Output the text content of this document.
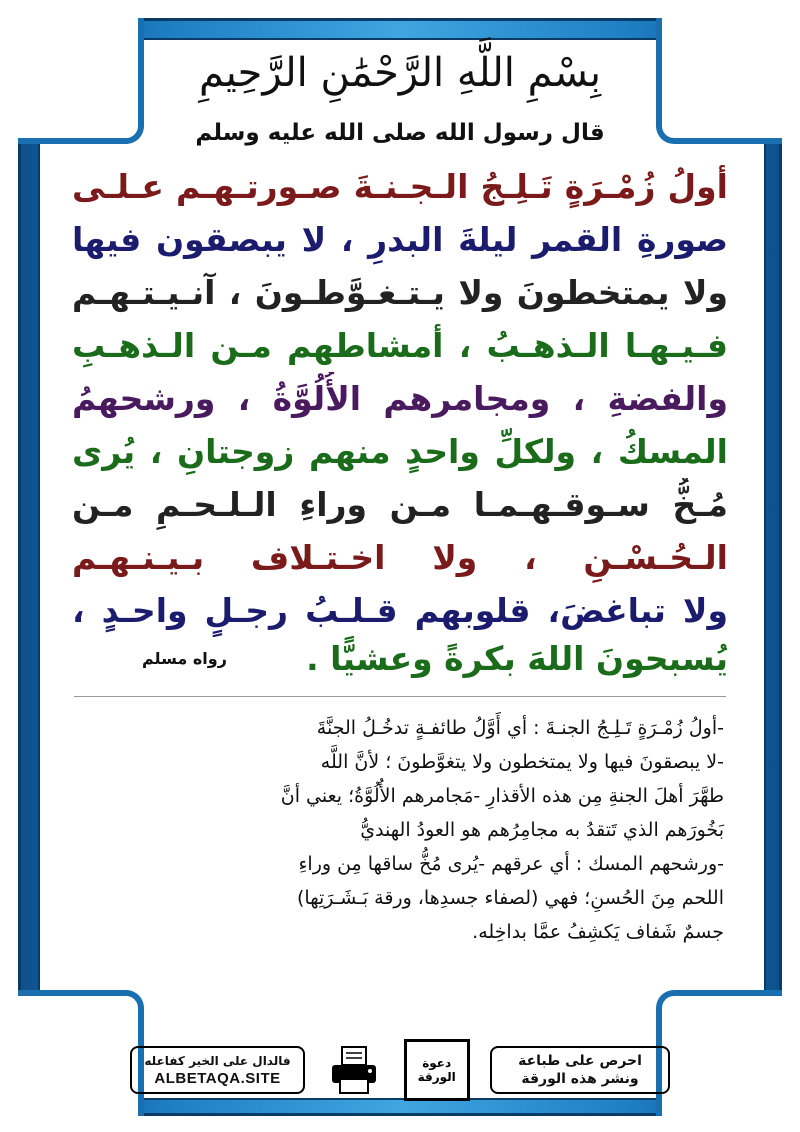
بِسْمِ اللَّهِ الرَّحْمَٰنِ الرَّحِيمِ
قال رسول الله صلى الله عليه وسلم
أولُ زُمْـرَةٍ تَـلِـجُ الـجـنـةَ صـورتـهـم عـلـى
صورةِ القمر ليلةَ البدرِ ، لا يبصقون فيها
ولا يمتخطونَ ولا يـتـغـوَّطـونَ ، آنـيـتـهـم
فـيـهـا الـذهـبُ ، أمشاطهم مـن الـذهـبِ
والفضةِ ، ومجامرهم الأُلُوَّةُ ، ورشحهمُ
المسكُ ، ولكلِّ واحدٍ منهم زوجتانِ ، يُرى
مُـخُّ سـوقـهـمـا مـن وراءِ الـلـحـمِ مـن
الـحُـسْـنِ ، ولا اخـتـلاف بـيـنـهـم
ولا تباغضَ، قلوبهم قـلـبُ رجـلٍ واحـدٍ ،
يُسبحونَ اللهَ بكرةً وعشيًّا .
رواه مسلم
-أولُ زُمْـرَةٍ تَـلِـجُ الجنـةَ : أي أَوَّلُ طائفـةٍ تدخُـلُ الجنَّةَ
-لا يبصقونَ فيها ولا يمتخطون ولا يتغوَّطونَ ؛ لأنَّ اللَّه
طهَّرَ أهلَ الجنةِ مِن هذه الأقذارِ -مَجامرهم الأُلُوَّةُ؛ يعني أنَّ
بَخُورَهم الذي تَتقدُ به مجامِرُهم هو العودُ الهنديُّ
-ورشحهم المسك : أي عرقهم -يُرى مُخُّ ساقها مِن وراءِ
اللحم مِنَ الحُسنِ؛ فهي (لصفاء جسدِها، ورقة بَـشَـرَتِها)
جسمٌ شَفاف يَكشِفُ عمَّا بداخِله.
احرص على طباعة
ونشر هذه الورقة
دعوة الورقة
فالدال على الخير كفاعله
ALBETAQA.SITE
